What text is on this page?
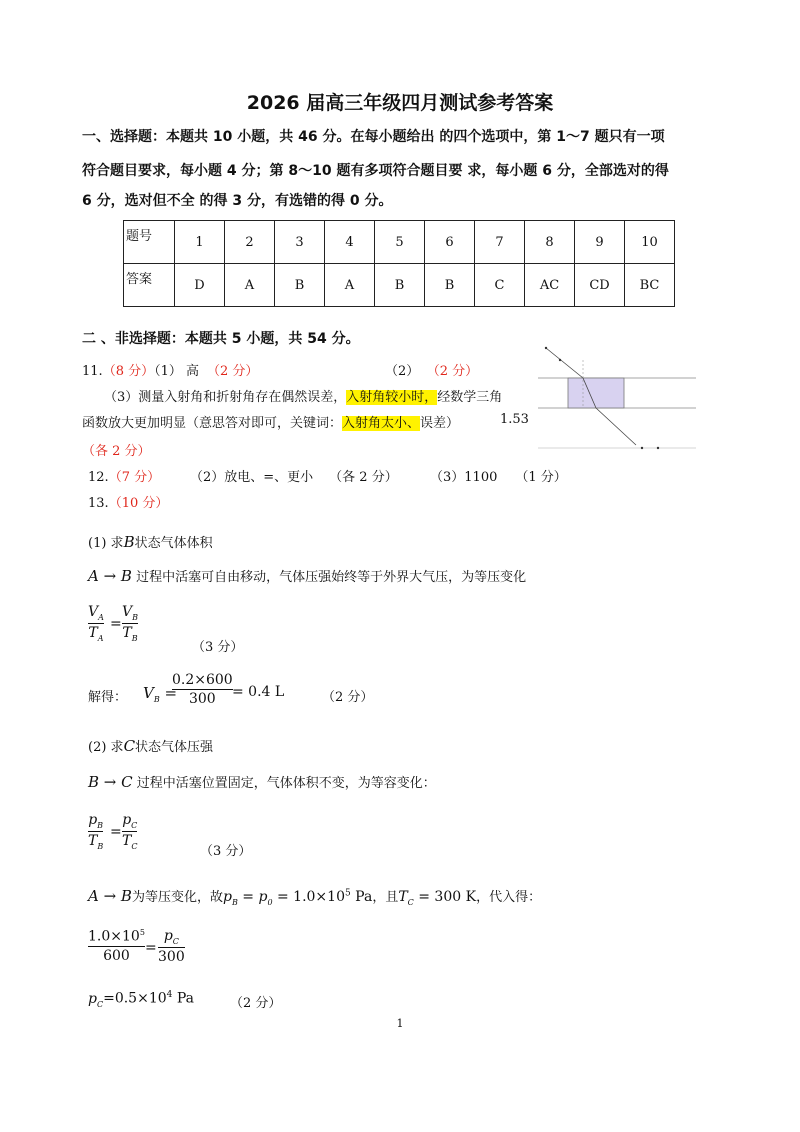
2026 届高三年级四月测试参考答案
一、选择题：本题共 10 小题，共 46 分。在每小题给出 的四个选项中，第 1～7 题只有一项
符合题目要求，每小题 4 分；第 8～10 题有多项符合题目要 求，每小题 6 分，全部选对的得
6 分，选对但不全 的得 3 分，有选错的得 0 分。
题号	1	2	3	4	5	6	7	8	9	10
答案	D	A	B	A	B	B	C	AC	CD	BC
二 、非选择题：本题共 5 小题，共 54 分。
11.（8 分）（1） 高 （2 分）	（2） （2 分）
（3）测量入射角和折射角存在偶然误差，入射角较小时，经数学三角
函数放大更加明显（意思答对即可，关键词：入射角太小、误差）	1.53
（各 2 分）
12.（7 分） （2）放电、=、更小 （各 2 分） （3）1100 （1 分）
13.（10 分）
(1) 求B状态气体体积
A → B 过程中活塞可自由移动，气体压强始终等于外界大气压，为等压变化
$V_A$
$T_A$
=
$V_B$
$T_B$
（3 分）
解得： $V_B$ =
0.2×600
300	= 0.4 L	（2 分）
(2) 求C状态气体压强
B → C 过程中活塞位置固定，气体体积不变，为等容变化：
$p_B$
$T_B$
=
$p_C$
$T_C$	（3 分）
A → B为等压变化，故$p_B = p_0 = 1.0\times 10^5$ Pa，且$T_C = 300$ K，代入得：
$1.0\times 10^5$
600	=
$p_C$
300
$p_C=0.5\times 10^4$ Pa	（2 分）
1
